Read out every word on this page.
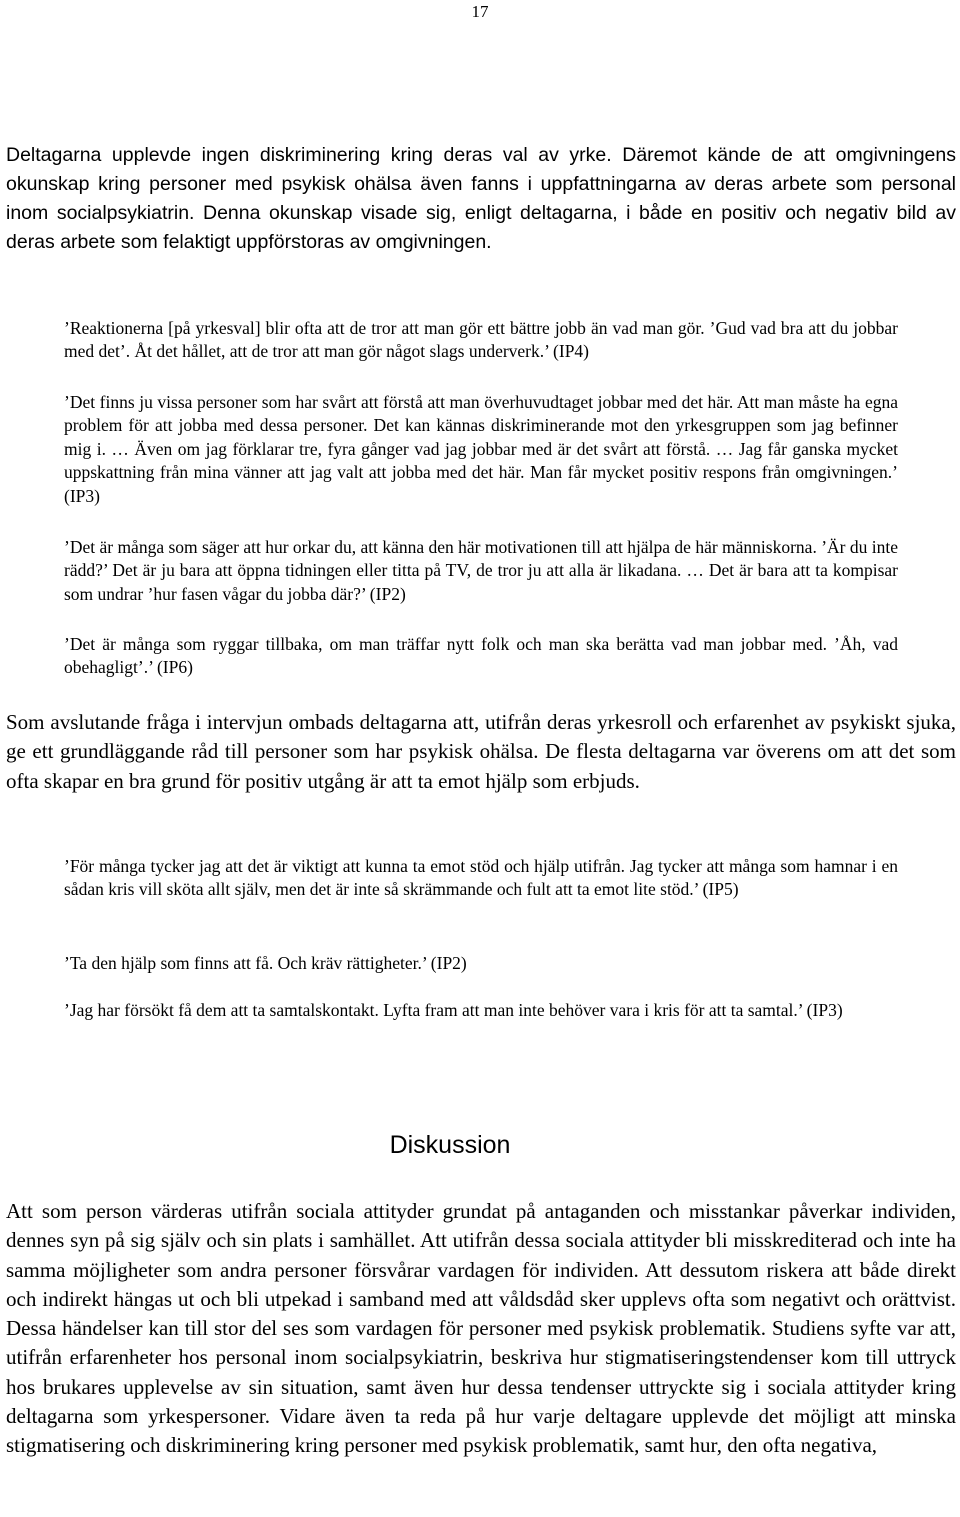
17

Deltagarna upplevde ingen diskriminering kring deras val av yrke. Däremot kände de att omgivningens okunskap kring personer med psykisk ohälsa även fanns i uppfattningarna av deras arbete som personal inom socialpsykiatrin. Denna okunskap visade sig, enligt deltagarna, i både en positiv och negativ bild av deras arbete som felaktigt uppförstoras av omgivningen.

’Reaktionerna [på yrkesval] blir ofta att de tror att man gör ett bättre jobb än vad man gör. ’Gud vad bra att du jobbar med det’. Åt det hållet, att de tror att man gör något slags underverk.’ (IP4)

’Det finns ju vissa personer som har svårt att förstå att man överhuvudtaget jobbar med det här. Att man måste ha egna problem för att jobba med dessa personer. Det kan kännas diskriminerande mot den yrkesgruppen som jag befinner mig i. … Även om jag förklarar tre, fyra gånger vad jag jobbar med är det svårt att förstå. … Jag får ganska mycket uppskattning från mina vänner att jag valt att jobba med det här. Man får mycket positiv respons från omgivningen.’ (IP3)

’Det är många som säger att hur orkar du, att känna den här motivationen till att hjälpa de här människorna. ’Är du inte rädd?’ Det är ju bara att öppna tidningen eller titta på TV, de tror ju att alla är likadana. … Det är bara att ta kompisar som undrar ’hur fasen vågar du jobba där?’ (IP2)

’Det är många som ryggar tillbaka, om man träffar nytt folk och man ska berätta vad man jobbar med. ’Åh, vad obehagligt’.’ (IP6)

Som avslutande fråga i intervjun ombads deltagarna att, utifrån deras yrkesroll och erfarenhet av psykiskt sjuka, ge ett grundläggande råd till personer som har psykisk ohälsa. De flesta deltagarna var överens om att det som ofta skapar en bra grund för positiv utgång är att ta emot hjälp som erbjuds.

’För många tycker jag att det är viktigt att kunna ta emot stöd och hjälp utifrån. Jag tycker att många som hamnar i en sådan kris vill sköta allt själv, men det är inte så skrämmande och fult att ta emot lite stöd.’ (IP5)

’Ta den hjälp som finns att få. Och kräv rättigheter.’ (IP2)

’Jag har försökt få dem att ta samtalskontakt. Lyfta fram att man inte behöver vara i kris för att ta samtal.’ (IP3)

Diskussion

Att som person värderas utifrån sociala attityder grundat på antaganden och misstankar påverkar individen, dennes syn på sig själv och sin plats i samhället. Att utifrån dessa sociala attityder bli misskrediterad och inte ha samma möjligheter som andra personer försvårar vardagen för individen. Att dessutom riskera att både direkt och indirekt hängas ut och bli utpekad i samband med att våldsdåd sker upplevs ofta som negativt och orättvist. Dessa händelser kan till stor del ses som vardagen för personer med psykisk problematik. Studiens syfte var att, utifrån erfarenheter hos personal inom socialpsykiatrin, beskriva hur stigmatiseringstendenser kom till uttryck hos brukares upplevelse av sin situation, samt även hur dessa tendenser uttryckte sig i sociala attityder kring deltagarna som yrkespersoner. Vidare även ta reda på hur varje deltagare upplevde det möjligt att minska stigmatisering och diskriminering kring personer med psykisk problematik, samt hur, den ofta negativa,
